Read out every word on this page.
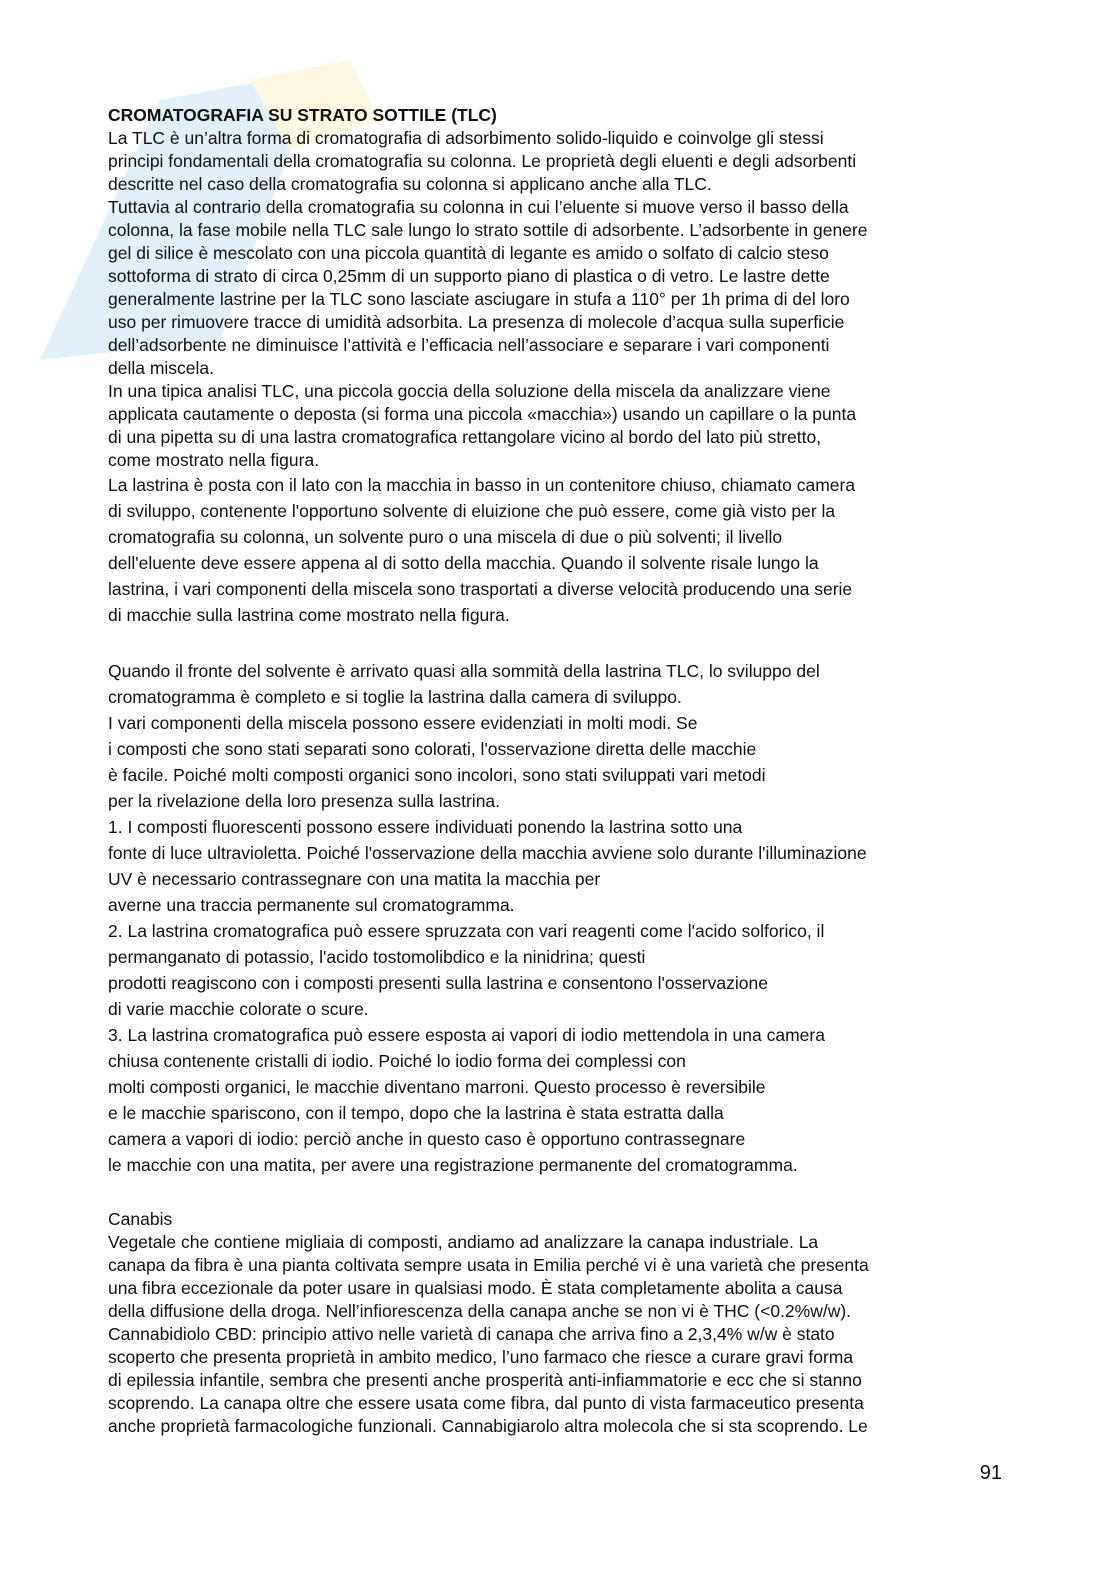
CROMATOGRAFIA SU STRATO SOTTILE (TLC)
La TLC è un’altra forma di cromatografia di adsorbimento solido-liquido e coinvolge gli stessi
principi fondamentali della cromatografia su colonna. Le proprietà degli eluenti e degli adsorbenti
descritte nel caso della cromatografia su colonna si applicano anche alla TLC.
Tuttavia al contrario della cromatografia su colonna in cui l’eluente si muove verso il basso della
colonna, la fase mobile nella TLC sale lungo lo strato sottile di adsorbente. L’adsorbente in genere
gel di silice è mescolato con una piccola quantità di legante es amido o solfato di calcio steso
sottoforma di strato di circa 0,25mm di un supporto piano di plastica o di vetro. Le lastre dette
generalmente lastrine per la TLC sono lasciate asciugare in stufa a 110° per 1h prima di del loro
uso per rimuovere tracce di umidità adsorbita. La presenza di molecole d’acqua sulla superficie
dell’adsorbente ne diminuisce l’attività e l’efficacia nell’associare e separare i vari componenti
della miscela.
In una tipica analisi TLC, una piccola goccia della soluzione della miscela da analizzare viene
applicata cautamente o deposta (si forma una piccola «macchia») usando un capillare o la punta
di una pipetta su di una lastra cromatografica rettangolare vicino al bordo del lato più stretto,
come mostrato nella figura.
La lastrina è posta con il lato con la macchia in basso in un contenitore chiuso, chiamato camera
di sviluppo, contenente l'opportuno solvente di eluizione che può essere, come già visto per la
cromatografia su colonna, un solvente puro o una miscela di due o più solventi; il livello
dell'eluente deve essere appena al di sotto della macchia. Quando il solvente risale lungo la
lastrina, i vari componenti della miscela sono trasportati a diverse velocità producendo una serie
di macchie sulla lastrina come mostrato nella figura.
Quando il fronte del solvente è arrivato quasi alla sommità della lastrina TLC, lo sviluppo del
cromatogramma è completo e si toglie la lastrina dalla camera di sviluppo.
I vari componenti della miscela possono essere evidenziati in molti modi. Se
i composti che sono stati separati sono colorati, l'osservazione diretta delle macchie
è facile. Poiché molti composti organici sono incolori, sono stati sviluppati vari metodi
per la rivelazione della loro presenza sulla lastrina.
1. I composti fluorescenti possono essere individuati ponendo la lastrina sotto una
fonte di luce ultravioletta. Poiché l'osservazione della macchia avviene solo durante l'illuminazione
UV è necessario contrassegnare con una matita la macchia per
averne una traccia permanente sul cromatogramma.
2. La lastrina cromatografica può essere spruzzata con vari reagenti come l'acido solforico, il
permanganato di potassio, l'acido tostomolibdico e la ninidrina; questi
prodotti reagiscono con i composti presenti sulla lastrina e consentono l'osservazione
di varie macchie colorate o scure.
3. La lastrina cromatografica può essere esposta ai vapori di iodio mettendola in una camera
chiusa contenente cristalli di iodio. Poiché lo iodio forma dei complessi con
molti composti organici, le macchie diventano marroni. Questo processo è reversibile
e le macchie spariscono, con il tempo, dopo che la lastrina è stata estratta dalla
camera a vapori di iodio: perciò anche in questo caso è opportuno contrassegnare
le macchie con una matita, per avere una registrazione permanente del cromatogramma.
Canabis
Vegetale che contiene migliaia di composti, andiamo ad analizzare la canapa industriale. La
canapa da fibra è una pianta coltivata sempre usata in Emilia perché vi è una varietà che presenta
una fibra eccezionale da poter usare in qualsiasi modo. È stata completamente abolita a causa
della diffusione della droga. Nell’infiorescenza della canapa anche se non vi è THC (<0.2%w/w).
Cannabidiolo CBD: principio attivo nelle varietà di canapa che arriva fino a 2,3,4% w/w è stato
scoperto che presenta proprietà in ambito medico, l’uno farmaco che riesce a curare gravi forma
di epilessia infantile, sembra che presenti anche prosperità anti-infiammatorie e ecc che si stanno
scoprendo. La canapa oltre che essere usata come fibra, dal punto di vista farmaceutico presenta
anche proprietà farmacologiche funzionali. Cannabigiarolo altra molecola che si sta scoprendo. Le
91
